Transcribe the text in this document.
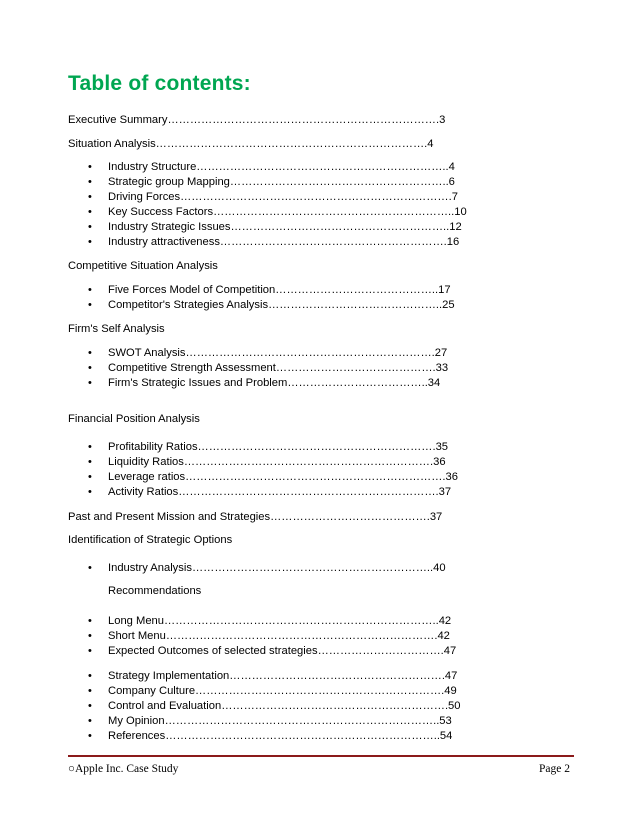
Table of contents:
Executive Summary……………………………………………………………….3
Situation Analysis……………………………………………………………….4
• Industry Structure…………………………………………………………..4
• Strategic group Mapping…………………………………………………..6
• Driving Forces……………………………………………………………….7
• Key Success Factors………………………………………………………..10
• Industry Strategic Issues…………………………………………………..12
• Industry attractiveness…………………………………………………….16
Competitive Situation Analysis
• Five Forces Model of Competition……………………………………..17
• Competitor's Strategies Analysis………………………………………..25
Firm's Self Analysis
• SWOT Analysis………………………………………………………….27
• Competitive Strength Assessment…………………………………….33
• Firm's Strategic Issues and Problem………………………………..34
Financial Position Analysis
• Profitability Ratios……………………………………………………….35
• Liquidity Ratios………………………………………………………….36
• Leverage ratios…………………………………………………………….36
• Activity Ratios…………………………………………………………….37
Past and Present Mission and Strategies…………………………………….37
Identification of Strategic Options
• Industry Analysis………………………………………………………..40
Recommendations
• Long Menu………………………………………………………………..42
• Short Menu……………………………………………………………….42
• Expected Outcomes of selected strategies…………………………….47
• Strategy Implementation………………………………………………….47
• Company Culture………………………………………………………….49
• Control and Evaluation…………………………………………………….50
• My Opinion………………………………………………………………..53
• References………………………………………………………………..54
○Apple Inc. Case Study	Page 2
